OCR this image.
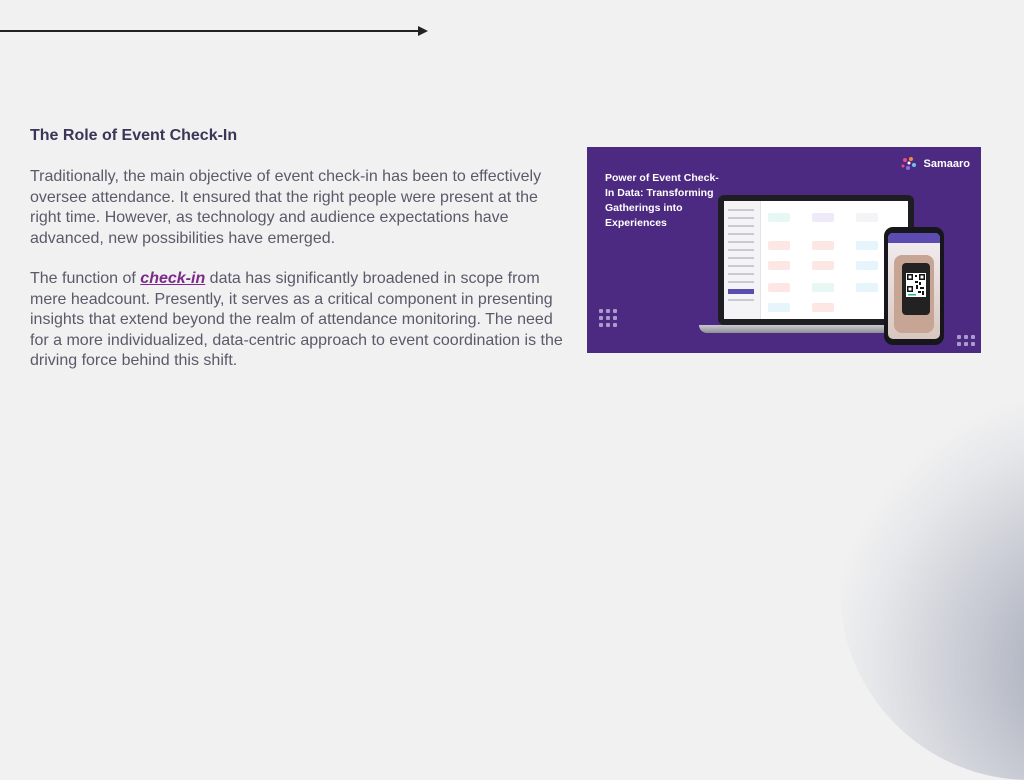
The Role of Event Check-In

Traditionally, the main objective of event check-in has been to effectively oversee attendance. It ensured that the right people were present at the right time. However, as technology and audience expectations have advanced, new possibilities have emerged.

The function of check-in data has significantly broadened in scope from mere headcount. Presently, it serves as a critical component in presenting insights that extend beyond the realm of attendance monitoring. The need for a more individualized, data-centric approach to event coordination is the driving force behind this shift.

Power of Event Check-In Data: Transforming Gatherings into Experiences
Samaaro
